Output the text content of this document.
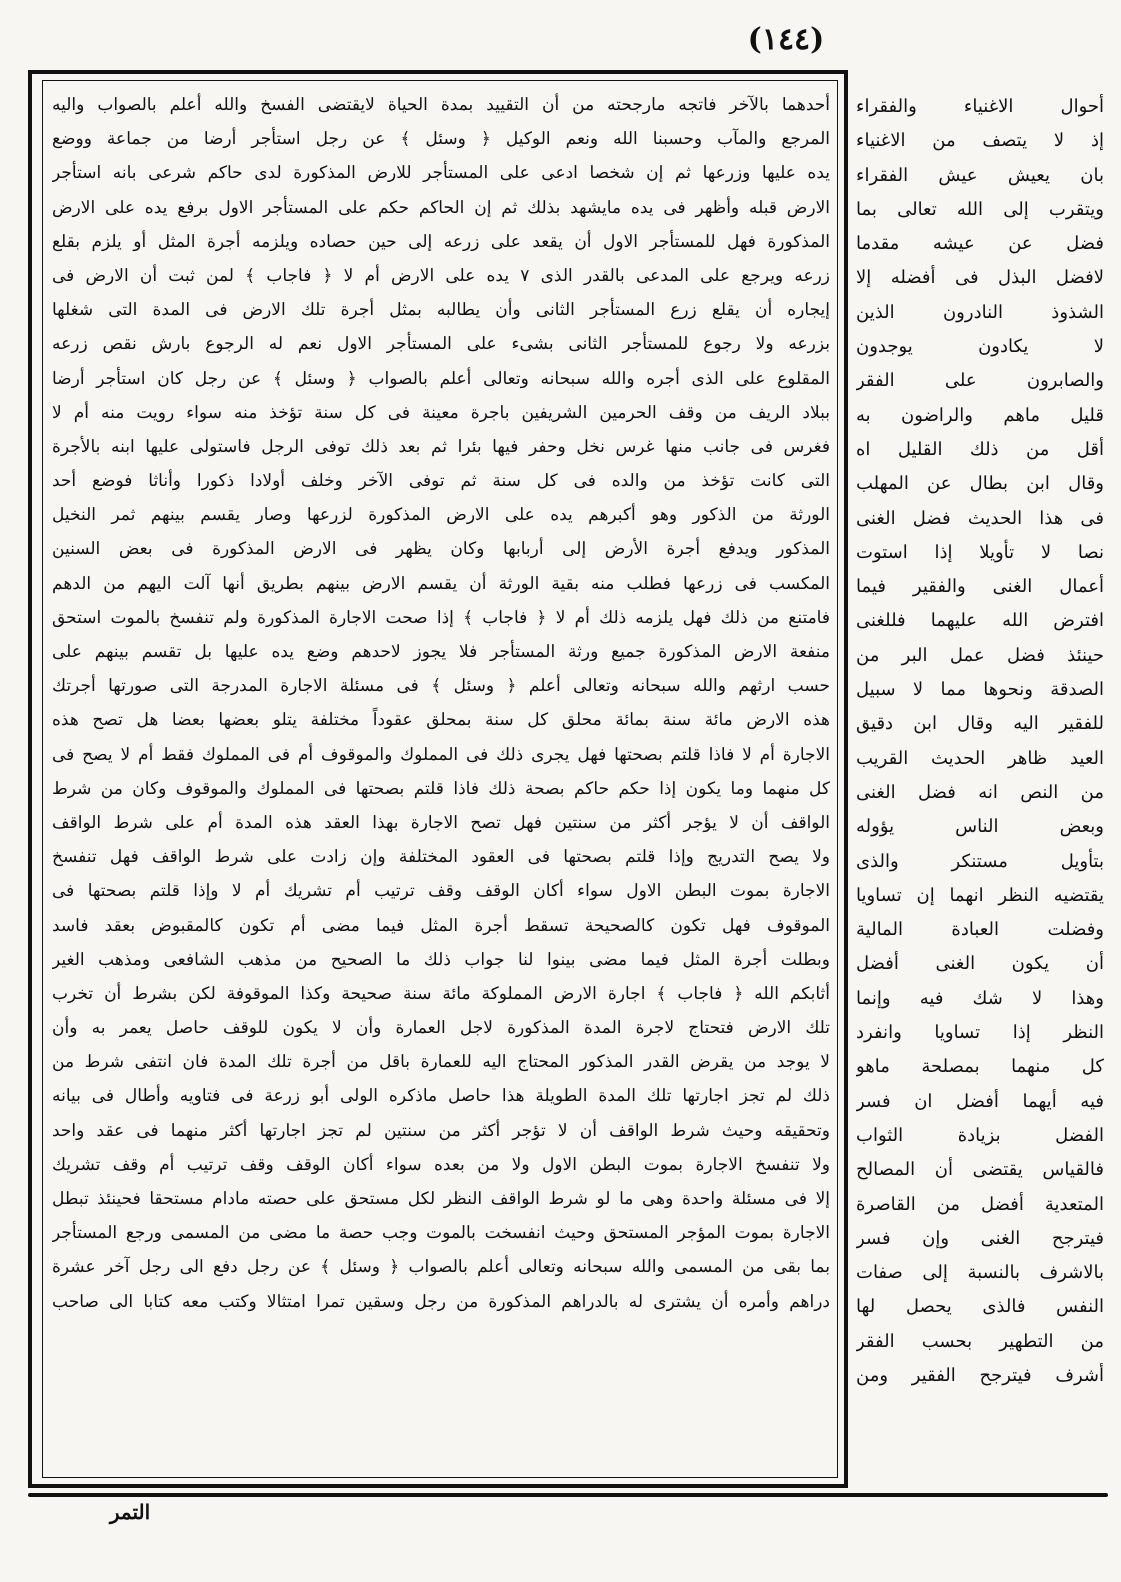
(١٤٤)
أحدهما بالآخر فاتجه مارجحته من أن التقييد بمدة الحياة لايقتضى الفسخ والله أعلم بالصواب واليه
المرجع والمآب وحسبنا الله ونعم الوكيل ﴿ وسئل ﴾ عن رجل استأجر أرضا من جماعة ووضع
يده عليها وزرعها ثم إن شخصا ادعى على المستأجر للارض المذكورة لدى حاكم شرعى بانه استأجر
الارض قبله وأظهر فى يده مايشهد بذلك ثم إن الحاكم حكم على المستأجر الاول برفع يده على الارض
المذكورة فهل للمستأجر الاول أن يقعد على زرعه إلى حين حصاده ويلزمه أجرة المثل أو يلزم بقلع
زرعه ويرجع على المدعى بالقدر الذى ٧ يده على الارض أم لا ﴿ فاجاب ﴾ لمن ثبت أن الارض فى
إيجاره أن يقلع زرع المستأجر الثانى وأن يطالبه بمثل أجرة تلك الارض فى المدة التى شغلها
بزرعه ولا رجوع للمستأجر الثانى بشىء على المستأجر الاول نعم له الرجوع بارش نقص زرعه
المقلوع على الذى أجره والله سبحانه وتعالى أعلم بالصواب ﴿ وسئل ﴾ عن رجل كان استأجر أرضا
ببلاد الريف من وقف الحرمين الشريفين باجرة معينة فى كل سنة تؤخذ منه سواء رويت منه أم لا
فغرس فى جانب منها غرس نخل وحفر فيها بئرا ثم بعد ذلك توفى الرجل فاستولى عليها ابنه بالأجرة
التى كانت تؤخذ من والده فى كل سنة ثم توفى الآخر وخلف أولادا ذكورا وأناثا فوضع أحد
الورثة من الذكور وهو أكبرهم يده على الارض المذكورة لزرعها وصار يقسم بينهم ثمر النخيل
المذكور ويدفع أجرة الأرض إلى أربابها وكان يظهر فى الارض المذكورة فى بعض السنين
المكسب فى زرعها فطلب منه بقية الورثة أن يقسم الارض بينهم بطريق أنها آلت اليهم من الدهم
فامتنع من ذلك فهل يلزمه ذلك أم لا ﴿ فاجاب ﴾ إذا صحت الاجارة المذكورة ولم تنفسخ بالموت استحق
منفعة الارض المذكورة جميع ورثة المستأجر فلا يجوز لاحدهم وضع يده عليها بل تقسم بينهم على
حسب ارثهم والله سبحانه وتعالى أعلم ﴿ وسئل ﴾ فى مسئلة الاجارة المدرجة التى صورتها أجرتك
هذه الارض مائة سنة بمائة محلق كل سنة بمحلق عقوداً مختلفة يتلو بعضها بعضا هل تصح هذه
الاجارة أم لا فاذا قلتم بصحتها فهل يجرى ذلك فى المملوك والموقوف أم فى المملوك فقط أم لا يصح فى
كل منهما وما يكون إذا حكم حاكم بصحة ذلك فاذا قلتم بصحتها فى المملوك والموقوف وكان من شرط
الواقف أن لا يؤجر أكثر من سنتين فهل تصح الاجارة بهذا العقد هذه المدة أم على شرط الواقف
ولا يصح التدريج وإذا قلتم بصحتها فى العقود المختلفة وإن زادت على شرط الواقف فهل تنفسخ
الاجارة بموت البطن الاول سواء أكان الوقف وقف ترتيب أم تشريك أم لا وإذا قلتم بصحتها فى
الموقوف فهل تكون كالصحيحة تسقط أجرة المثل فيما مضى أم تكون كالمقبوض بعقد فاسد
وبطلت أجرة المثل فيما مضى بينوا لنا جواب ذلك ما الصحيح من مذهب الشافعى ومذهب الغير
أثابكم الله ﴿ فاجاب ﴾ اجارة الارض المملوكة مائة سنة صحيحة وكذا الموقوفة لكن بشرط أن تخرب
تلك الارض فتحتاج لاجرة المدة المذكورة لاجل العمارة وأن لا يكون للوقف حاصل يعمر به وأن
لا يوجد من يقرض القدر المذكور المحتاج اليه للعمارة باقل من أجرة تلك المدة فان انتفى شرط من
ذلك لم تجز اجارتها تلك المدة الطويلة هذا حاصل ماذكره الولى أبو زرعة فى فتاويه وأطال فى بيانه
وتحقيقه وحيث شرط الواقف أن لا تؤجر أكثر من سنتين لم تجز اجارتها أكثر منهما فى عقد واحد
ولا تنفسخ الاجارة بموت البطن الاول ولا من بعده سواء أكان الوقف وقف ترتيب أم وقف تشريك
إلا فى مسئلة واحدة وهى ما لو شرط الواقف النظر لكل مستحق على حصته مادام مستحقا فحينئذ تبطل
الاجارة بموت المؤجر المستحق وحيث انفسخت بالموت وجب حصة ما مضى من المسمى ورجع المستأجر
بما بقى من المسمى والله سبحانه وتعالى أعلم بالصواب ﴿ وسئل ﴾ عن رجل دفع الى رجل آخر عشرة
دراهم وأمره أن يشترى له بالدراهم المذكورة من رجل وسقين تمرا امتثالا وكتب معه كتابا الى صاحب
أحوال الاغنياء والفقراء
إذ لا يتصف من الاغنياء
بان يعيش عيش الفقراء
ويتقرب إلى الله تعالى بما
فضل عن عيشه مقدما
لافضل البذل فى أفضله إلا
الشذوذ النادرون الذين
لا يكادون يوجدون
والصابرون على الفقر
قليل ماهم والراضون به
أقل من ذلك القليل اه
وقال ابن بطال عن المهلب
فى هذا الحديث فضل الغنى
نصا لا تأويلا إذا استوت
أعمال الغنى والفقير فيما
افترض الله عليهما فللغنى
حينئذ فضل عمل البر من
الصدقة ونحوها مما لا سبيل
للفقير اليه وقال ابن دقيق
العيد ظاهر الحديث القريب
من النص انه فضل الغنى
وبعض الناس يؤوله
بتأويل مستنكر والذى
يقتضيه النظر انهما إن تساويا
وفضلت العبادة المالية
أن يكون الغنى أفضل
وهذا لا شك فيه وإنما
النظر إذا تساويا وانفرد
كل منهما بمصلحة ماهو
فيه أيهما أفضل ان فسر
الفضل بزيادة الثواب
فالقياس يقتضى أن المصالح
المتعدية أفضل من القاصرة
فيترجح الغنى وإن فسر
بالاشرف بالنسبة إلى صفات
النفس فالذى يحصل لها
من التطهير بحسب الفقر
أشرف فيترجح الفقير ومن
التمر
